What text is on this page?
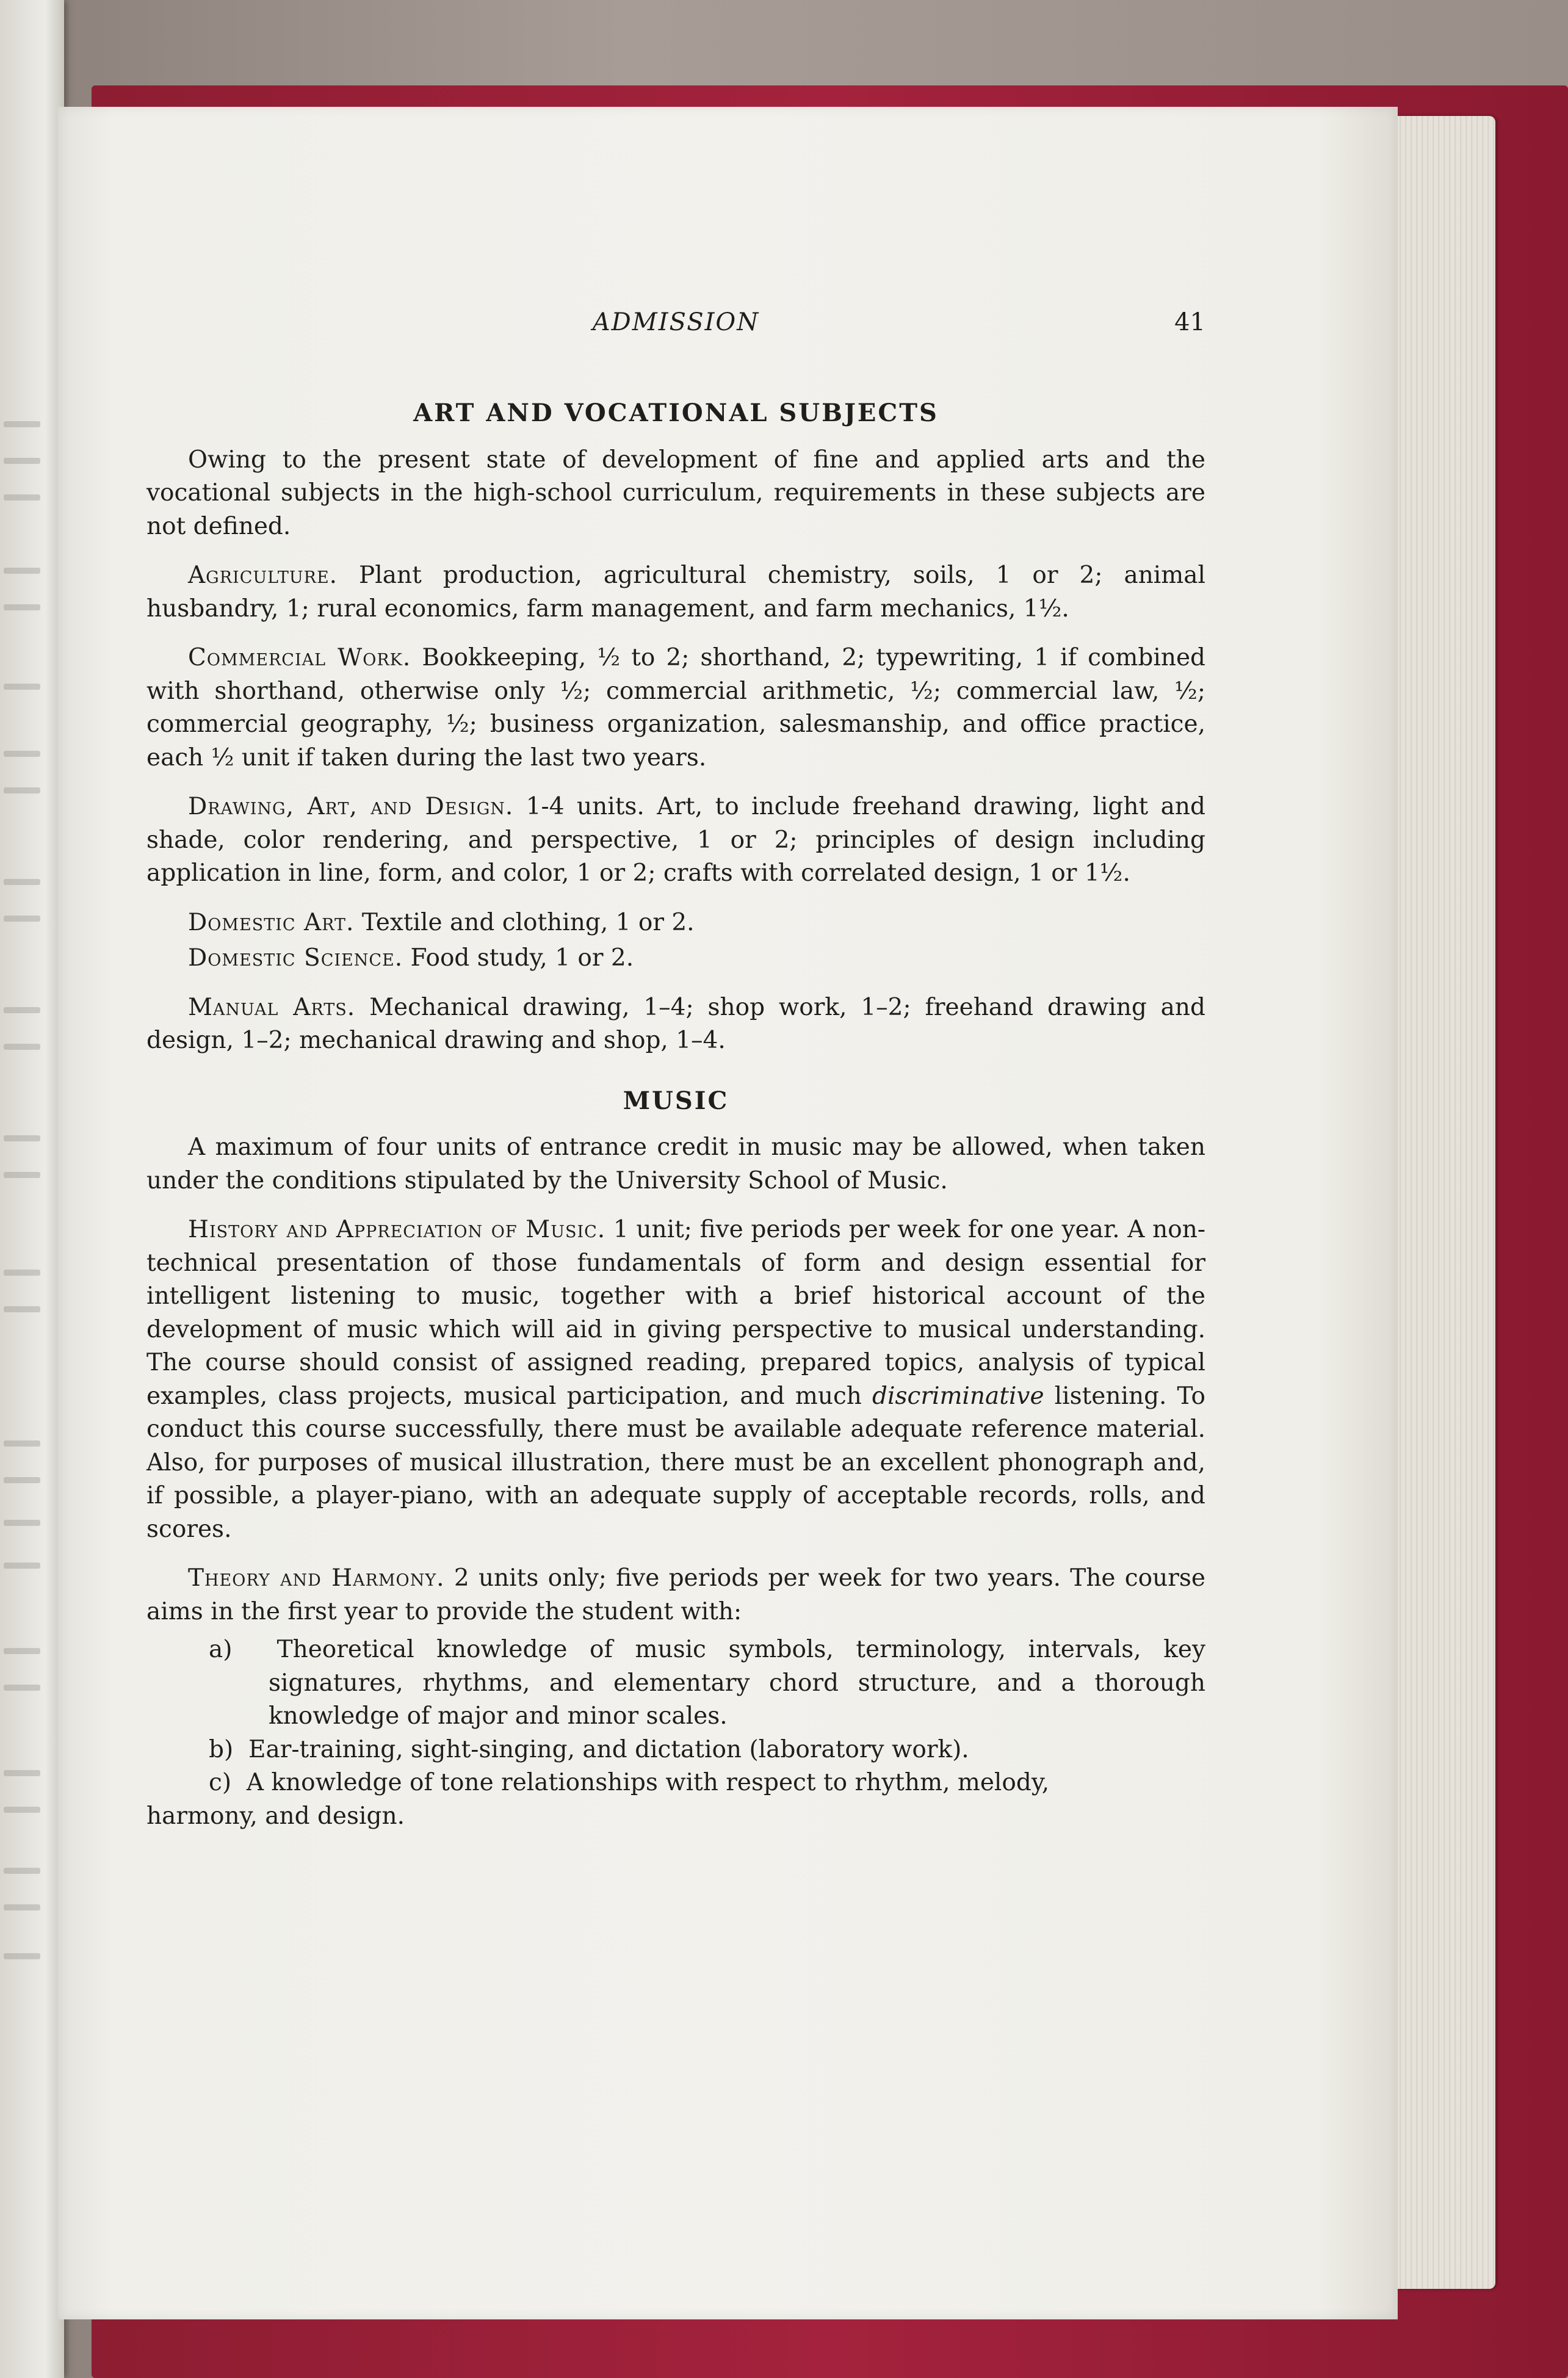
ADMISSION	41
ART AND VOCATIONAL SUBJECTS

Owing to the present state of development of fine and applied arts and the vocational subjects in the high-school curriculum, requirements in these subjects are not defined.

Agriculture. Plant production, agricultural chemistry, soils, 1 or 2; animal husbandry, 1; rural economics, farm management, and farm mechanics, 1½.

Commercial Work. Bookkeeping, ½ to 2; shorthand, 2; typewriting, 1 if combined with shorthand, otherwise only ½; commercial arithmetic, ½; commercial law, ½; commercial geography, ½; business organization, salesmanship, and office practice, each ½ unit if taken during the last two years.

Drawing, Art, and Design. 1-4 units. Art, to include freehand drawing, light and shade, color rendering, and perspective, 1 or 2; principles of design including application in line, form, and color, 1 or 2; crafts with correlated design, 1 or 1½.

Domestic Art. Textile and clothing, 1 or 2.

Domestic Science. Food study, 1 or 2.

Manual Arts. Mechanical drawing, 1–4; shop work, 1–2; freehand drawing and design, 1–2; mechanical drawing and shop, 1–4.

MUSIC

A maximum of four units of entrance credit in music may be allowed, when taken under the conditions stipulated by the University School of Music.

History and Appreciation of Music. 1 unit; five periods per week for one year. A non-technical presentation of those fundamentals of form and design essential for intelligent listening to music, together with a brief historical account of the development of music which will aid in giving perspective to musical understanding. The course should consist of assigned reading, prepared topics, analysis of typical examples, class projects, musical participation, and much discriminative listening. To conduct this course successfully, there must be available adequate reference material. Also, for purposes of musical illustration, there must be an excellent phonograph and, if possible, a player-piano, with an adequate supply of acceptable records, rolls, and scores.

Theory and Harmony. 2 units only; five periods per week for two years. The course aims in the first year to provide the student with:

a) Theoretical knowledge of music symbols, terminology, intervals, key signatures, rhythms, and elementary chord structure, and a thorough knowledge of major and minor scales.

b) Ear-training, sight-singing, and dictation (laboratory work).

c) A knowledge of tone relationships with respect to rhythm, melody,

harmony, and design.
